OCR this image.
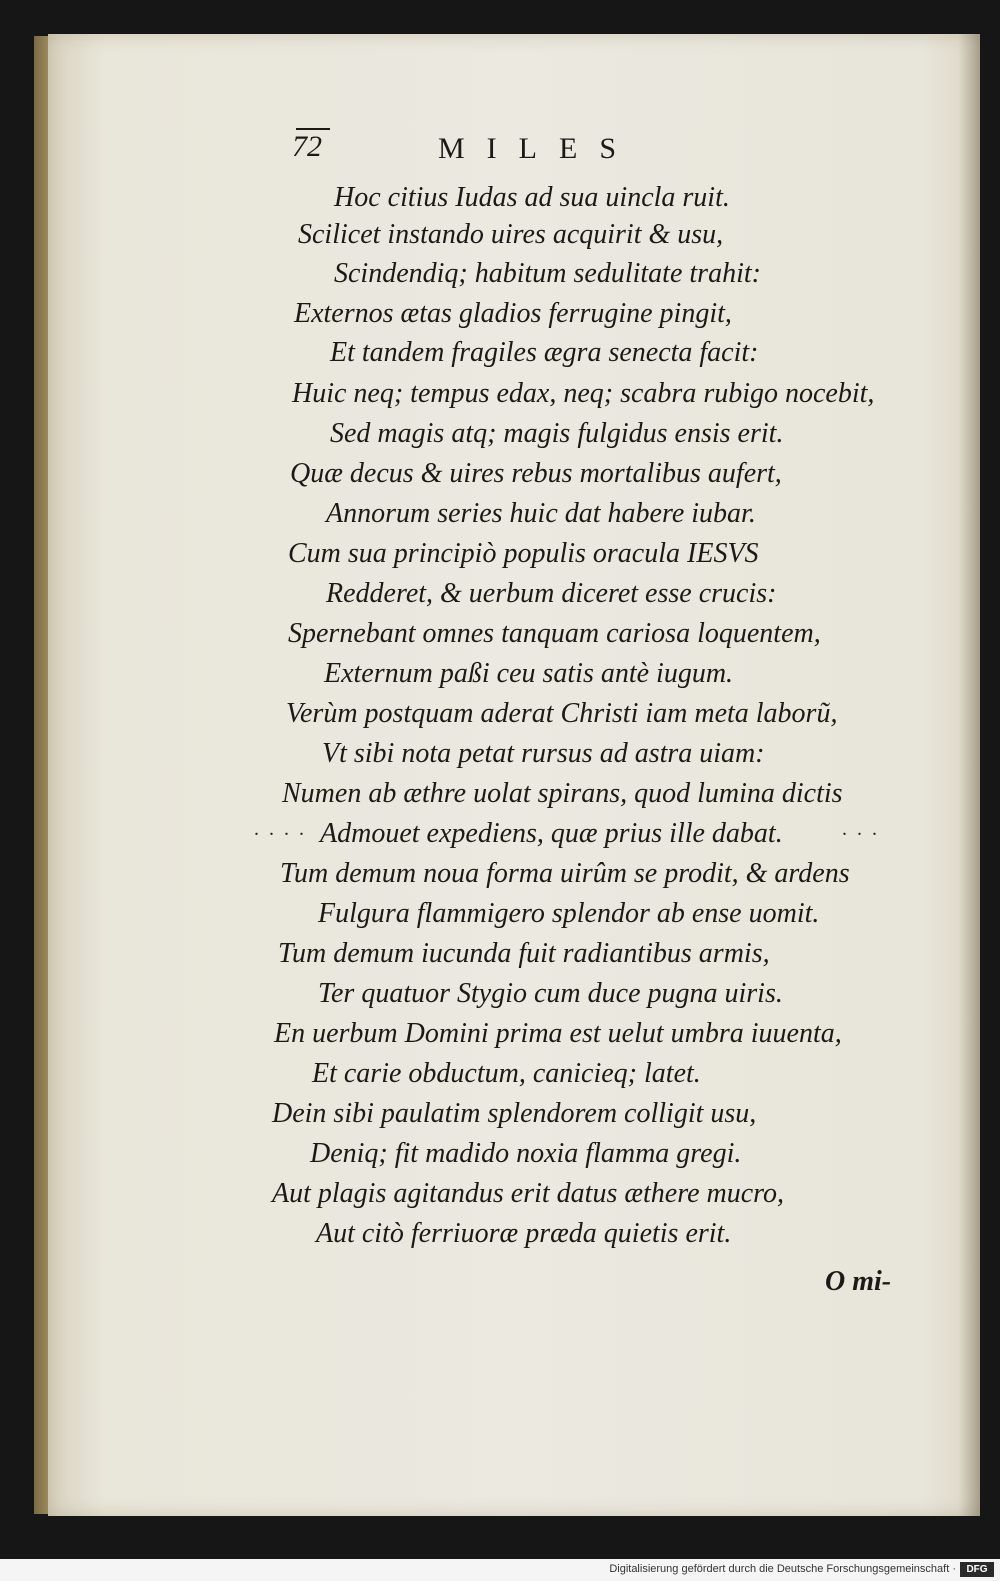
72	MILES
Hoc citius Iudas ad sua uincla ruit.
Scilicet instando uires acquirit & usu,
Scindendiq; habitum sedulitate trahit:
Externos ætas gladios ferrugine pingit,
Et tandem fragiles ægra senecta facit:
Huic neq; tempus edax, neq; scabra rubigo nocebit,
Sed magis atq; magis fulgidus ensis erit.
Quæ decus & uires rebus mortalibus aufert,
Annorum series huic dat habere iubar.
Cum sua principiò populis oracula IESVS
Redderet, & uerbum diceret esse crucis:
Spernebant omnes tanquam cariosa loquentem,
Externum paßi ceu satis antè iugum.
Verùm postquam aderat Christi iam meta laborũ,
Vt sibi nota petat rursus ad astra uiam:
Numen ab æthre uolat spirans, quod lumina dictis
Admouet expediens, quæ prius ille dabat.
Tum demum noua forma uirûm se prodit, & ardens
Fulgura flammigero splendor ab ense uomit.
Tum demum iucunda fuit radiantibus armis,
Ter quatuor Stygio cum duce pugna uiris.
En uerbum Domini prima est uelut umbra iuuenta,
Et carie obductum, canicieq; latet.
Dein sibi paulatim splendorem colligit usu,
Deniq; fit madido noxia flamma gregi.
Aut plagis agitandus erit datus æthere mucro,
Aut citò ferriuoræ præda quietis erit.
....	...
O mi-
Digitalisierung gefördert durch die Deutsche Forschungsgemeinschaft ·	DFG
